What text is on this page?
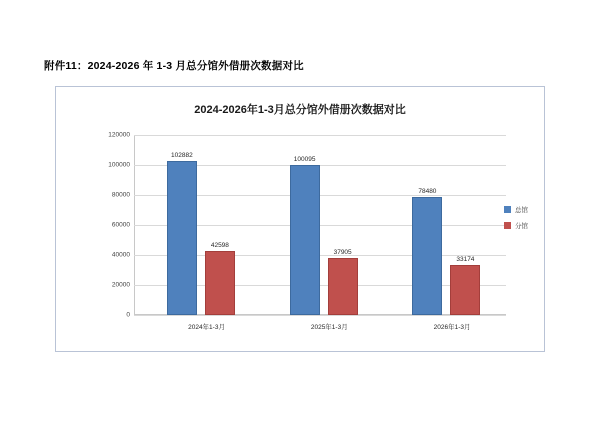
附件11：2024-2026 年 1-3 月总分馆外借册次数据对比
2024-2026年1-3月总分馆外借册次数据对比
120000
100000
80000
60000
40000
20000
0
102882
42598
2024年1-3月
100095
37905
2025年1-3月
78480
33174
2026年1-3月
总馆
分馆
